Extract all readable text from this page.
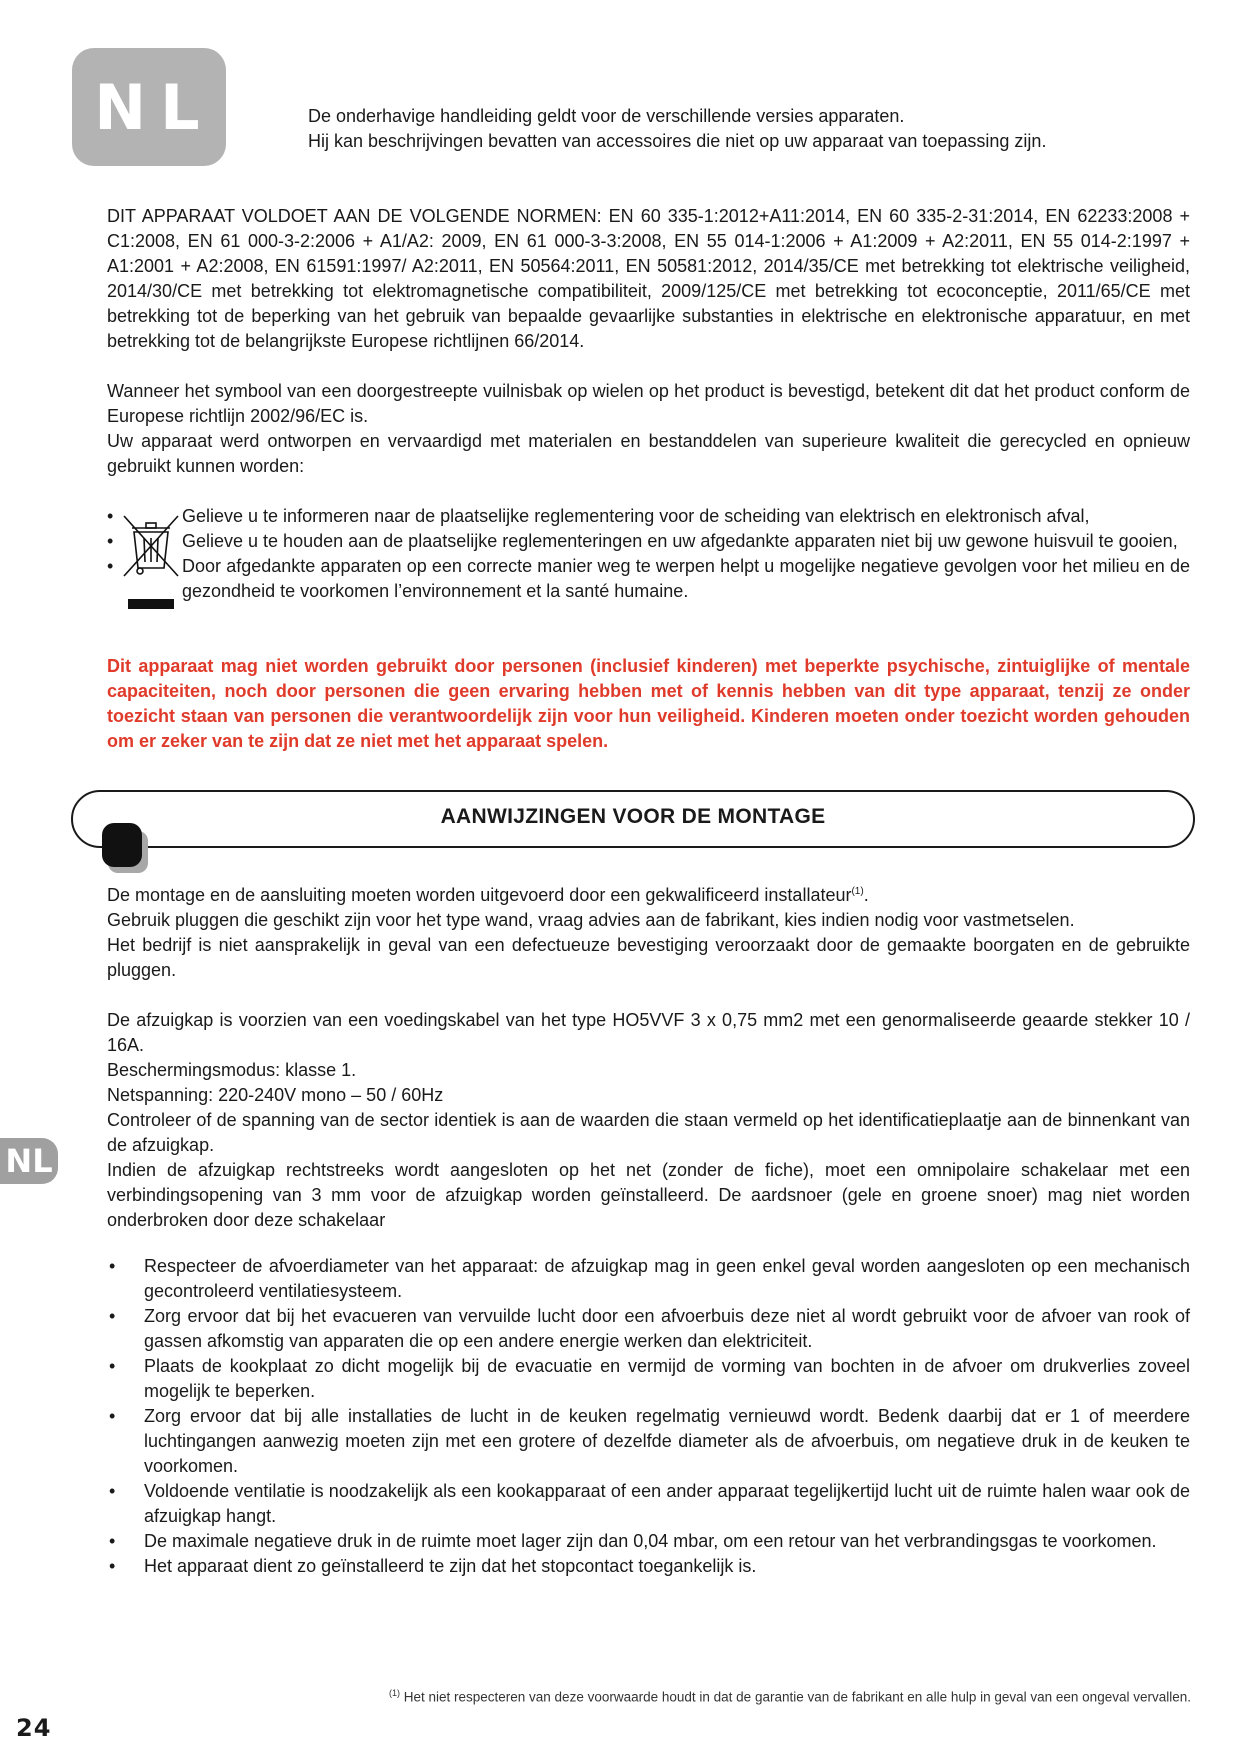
NL	De onderhavige handleiding geldt voor de verschillende versies apparaten.
Hij kan beschrijvingen bevatten van accessoires die niet op uw apparaat van toepassing zijn.

DIT APPARAAT VOLDOET AAN DE VOLGENDE NORMEN: EN 60 335-1:2012+A11:2014, EN 60 335-2-31:2014, EN 62233:2008 + C1:2008, EN 61 000-3-2:2006 + A1/A2: 2009, EN 61 000-3-3:2008, EN 55 014-1:2006 + A1:2009 + A2:2011, EN 55 014-2:1997 + A1:2001 + A2:2008, EN 61591:1997/ A2:2011, EN 50564:2011, EN 50581:2012, 2014/35/CE met betrekking tot elektrische veiligheid, 2014/30/CE met betrekking tot elektromagnetische compatibiliteit, 2009/125/CE met betrekking tot ecoconceptie, 2011/65/CE met betrekking tot de beperking van het gebruik van bepaalde gevaarlijke substanties in elektrische en elektronische apparatuur, en met betrekking tot de belangrijkste Europese richtlijnen 66/2014.

Wanneer het symbool van een doorgestreepte vuilnisbak op wielen op het product is bevestigd, betekent dit dat het product conform de Europese richtlijn 2002/96/EC is.

Uw apparaat werd ontworpen en vervaardigd met materialen en bestanddelen van superieure kwaliteit die gerecycled en opnieuw gebruikt kunnen worden:

•	Gelieve u te informeren naar de plaatselijke reglementering voor de scheiding van elektrisch en elektronisch afval,

•	Gelieve u te houden aan de plaatselijke reglementeringen en uw afgedankte apparaten niet bij uw gewone huisvuil te gooien,

•	Door afgedankte apparaten op een correcte manier weg te werpen helpt u mogelijke negatieve gevolgen voor het milieu en de gezondheid te voorkomen l’environnement et la santé humaine.

Dit apparaat mag niet worden gebruikt door personen (inclusief kinderen) met beperkte psychische, zintuiglijke of mentale capaciteiten, noch door personen die geen ervaring hebben met of kennis hebben van dit type apparaat, tenzij ze onder toezicht staan van personen die verantwoordelijk zijn voor hun veiligheid. Kinderen moeten onder toezicht worden gehouden om er zeker van te zijn dat ze niet met het apparaat spelen.

AANWIJZINGEN VOOR DE MONTAGE

De montage en de aansluiting moeten worden uitgevoerd door een gekwalificeerd installateur$^{(1)}$.

Gebruik pluggen die geschikt zijn voor het type wand, vraag advies aan de fabrikant, kies indien nodig voor vastmetselen.

Het bedrijf is niet aansprakelijk in geval van een defectueuze bevestiging veroorzaakt door de gemaakte boorgaten en de gebruikte pluggen.

De afzuigkap is voorzien van een voedingskabel van het type HO5VVF 3 x 0,75 mm2 met een genormaliseerde geaarde stekker 10 / 16A.

Beschermingsmodus: klasse 1.

Netspanning: 220-240V mono – 50 / 60Hz

Controleer of de spanning van de sector identiek is aan de waarden die staan vermeld op het identificatieplaatje aan de binnenkant van de afzuigkap.

Indien de afzuigkap rechtstreeks wordt aangesloten op het net (zonder de fiche), moet een omnipolaire schakelaar met een verbindingsopening van 3 mm voor de afzuigkap worden geïnstalleerd. De aardsnoer (gele en groene snoer) mag niet worden onderbroken door deze schakelaar

• Respecteer de afvoerdiameter van het apparaat: de afzuigkap mag in geen enkel geval worden aangesloten op een mechanisch gecontroleerd ventilatiesysteem.
• Zorg ervoor dat bij het evacueren van vervuilde lucht door een afvoerbuis deze niet al wordt gebruikt voor de afvoer van rook of gassen afkomstig van apparaten die op een andere energie werken dan elektriciteit.
• Plaats de kookplaat zo dicht mogelijk bij de evacuatie en vermijd de vorming van bochten in de afvoer om drukverlies zoveel mogelijk te beperken.
• Zorg ervoor dat bij alle installaties de lucht in de keuken regelmatig vernieuwd wordt. Bedenk daarbij dat er 1 of meerdere luchtingangen aanwezig moeten zijn met een grotere of dezelfde diameter als de afvoerbuis, om negatieve druk in de keuken te voorkomen.
• Voldoende ventilatie is noodzakelijk als een kookapparaat of een ander apparaat tegelijkertijd lucht uit de ruimte halen waar ook de afzuigkap hangt.
• De maximale negatieve druk in de ruimte moet lager zijn dan 0,04 mbar, om een retour van het verbrandingsgas te voorkomen.
• Het apparaat dient zo geïnstalleerd te zijn dat het stopcontact toegankelijk is.
NL
$^{(1)}$ Het niet respecteren van deze voorwaarde houdt in dat de garantie van de fabrikant en alle hulp in geval van een ongeval vervallen.
24
